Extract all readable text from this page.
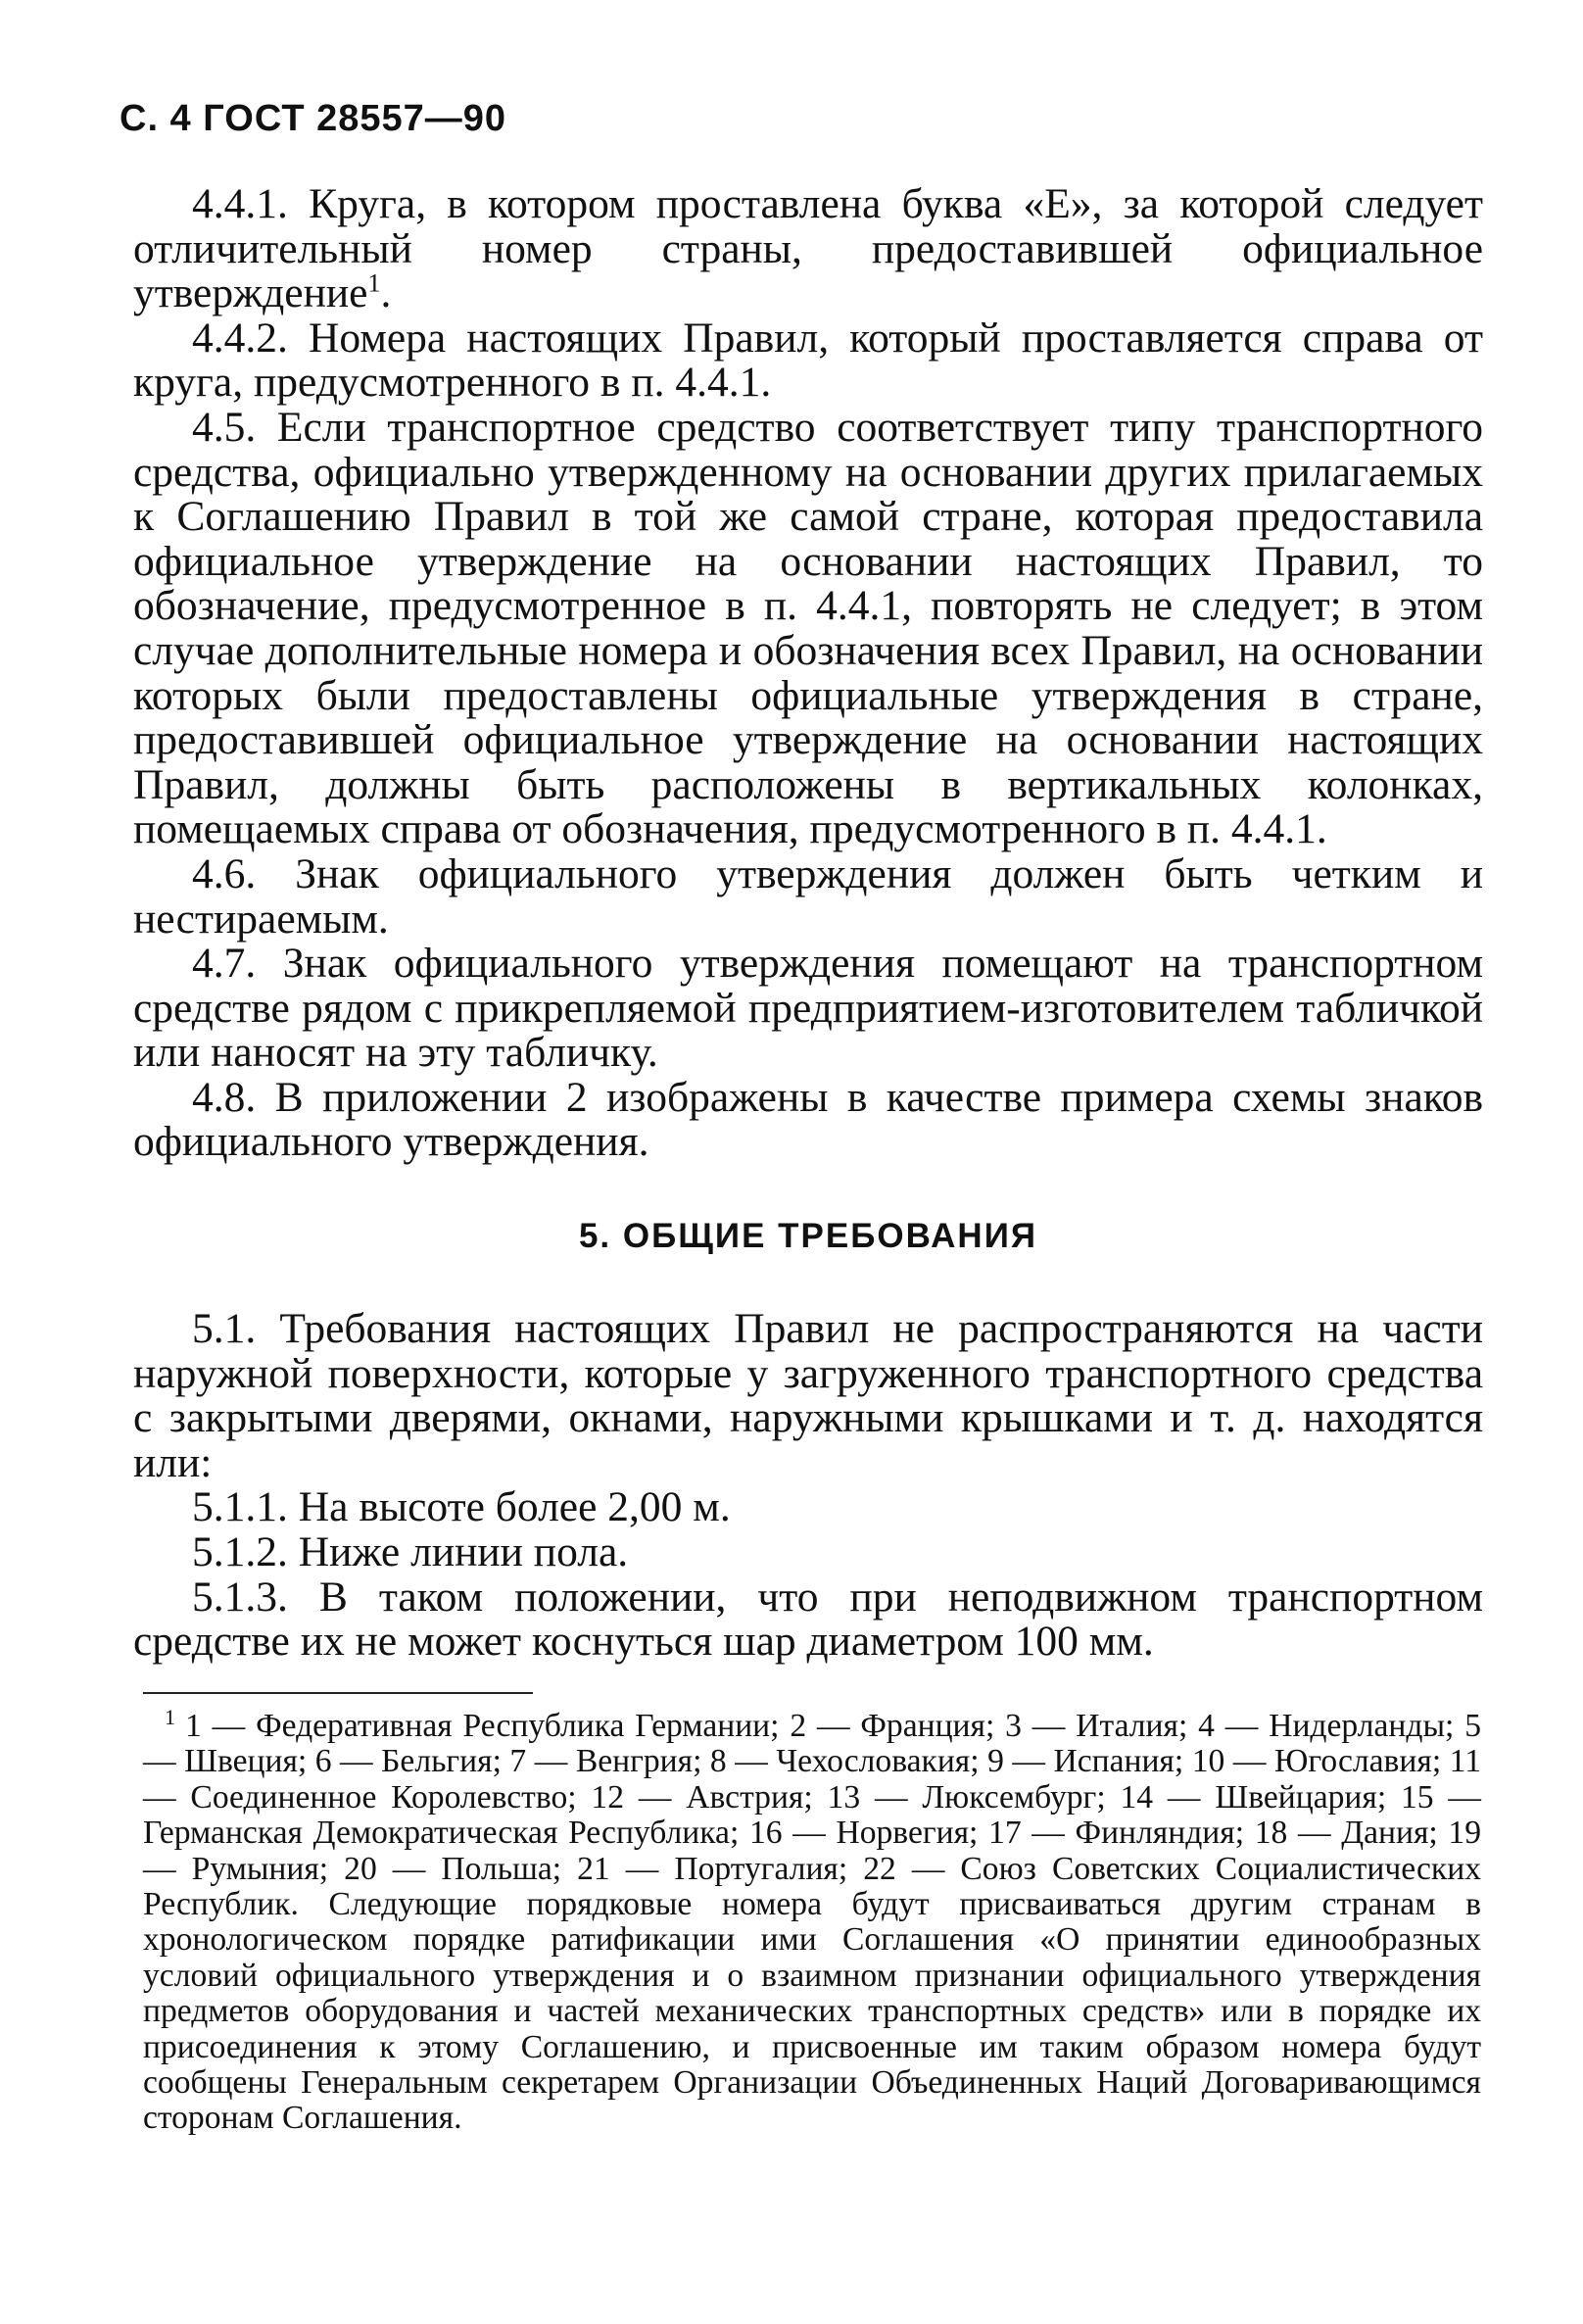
С. 4 ГОСТ 28557—90

4.4.1. Круга, в котором проставлена буква «Е», за которой следует отличительный номер страны, предоставившей официальное утверждение$^1$.

4.4.2. Номера настоящих Правил, который проставляется справа от круга, предусмотренного в п. 4.4.1.

4.5. Если транспортное средство соответствует типу транспортного средства, официально утвержденному на основании других прилагаемых к Соглашению Правил в той же самой стране, которая предоставила официальное утверждение на основании настоящих Правил, то обозначение, предусмотренное в п. 4.4.1, повторять не следует; в этом случае дополнительные номера и обозначения всех Правил, на основании которых были предоставлены официальные утверждения в стране, предоставившей официальное утверждение на основании настоящих Правил, должны быть расположены в вертикальных колонках, помещаемых справа от обозначения, предусмотренного в п. 4.4.1.

4.6. Знак официального утверждения должен быть четким и нестираемым.

4.7. Знак официального утверждения помещают на транспортном средстве рядом с прикрепляемой предприятием-изготовителем табличкой или наносят на эту табличку.

4.8. В приложении 2 изображены в качестве примера схемы знаков официального утверждения.

5. ОБЩИЕ ТРЕБОВАНИЯ

5.1. Требования настоящих Правил не распространяются на части наружной поверхности, которые у загруженного транспортного средства с закрытыми дверями, окнами, наружными крышками и т. д. находятся или:

5.1.1. На высоте более 2,00 м.

5.1.2. Ниже линии пола.

5.1.3. В таком положении, что при неподвижном транспортном средстве их не может коснуться шар диаметром 100 мм.

$^1$ 1 — Федеративная Республика Германии; 2 — Франция; 3 — Италия; 4 — Нидерланды; 5 — Швеция; 6 — Бельгия; 7 — Венгрия; 8 — Чехословакия; 9 — Испания; 10 — Югославия; 11 — Соединенное Королевство; 12 — Австрия; 13 — Люксембург; 14 — Швейцария; 15 — Германская Демократическая Республика; 16 — Норвегия; 17 — Финляндия; 18 — Дания; 19 — Румыния; 20 — Польша; 21 — Португалия; 22 — Союз Советских Социалистических Республик. Следующие порядковые номера будут присваиваться другим странам в хронологическом порядке ратификации ими Соглашения «О принятии единообразных условий официального утверждения и о взаимном признании официального утверждения предметов оборудования и частей механических транспортных средств» или в порядке их присоединения к этому Соглашению, и присвоенные им таким образом номера будут сообщены Генеральным секретарем Организации Объединенных Наций Договаривающимся сторонам Соглашения.
